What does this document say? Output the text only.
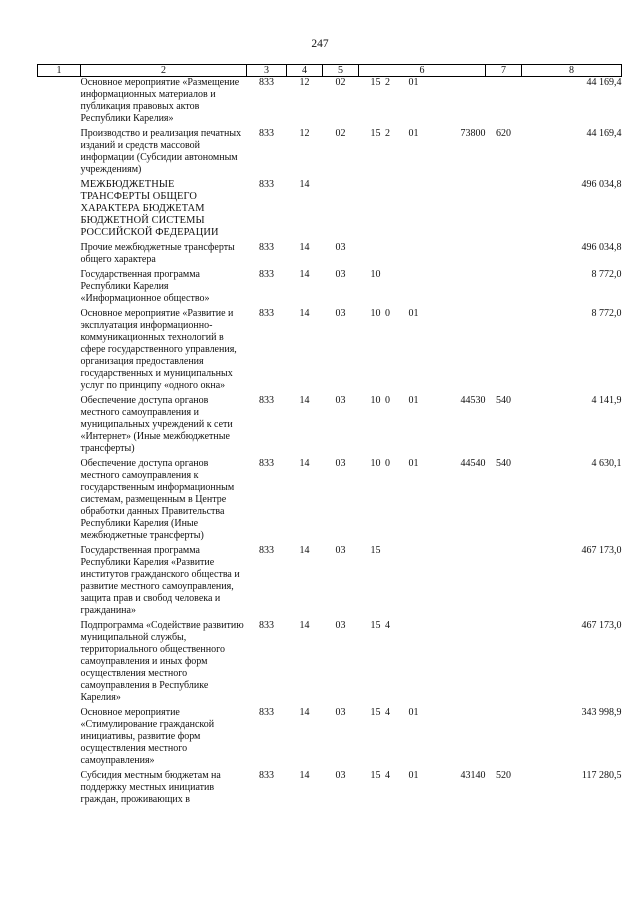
247
1	2	3	4	5	6				7	8
	Основное мероприятие «Размещение информационных материалов и публикация правовых актов Республики Карелия»	833	12	02	15	2	01			44 169,4
	Производство и реализация печатных изданий и средств массовой информации (Субсидии автономным учреждениям)	833	12	02	15	2	01	73800	620	44 169,4
	МЕЖБЮДЖЕТНЫЕ ТРАНСФЕРТЫ ОБЩЕГО ХАРАКТЕРА БЮДЖЕТАМ БЮДЖЕТНОЙ СИСТЕМЫ РОССИЙСКОЙ ФЕДЕРАЦИИ	833	14							496 034,8
	Прочие межбюджетные трансферты общего характера	833	14	03						496 034,8
	Государственная программа Республики Карелия «Информационное общество»	833	14	03	10					8 772,0
	Основное мероприятие «Развитие и эксплуатация информационно-коммуникационных технологий в сфере государственного управления, организация предоставления государственных и муниципальных услуг по принципу «одного окна»	833	14	03	10	0	01			8 772,0
	Обеспечение доступа органов местного самоуправления и муниципальных учреждений к сети «Интернет» (Иные межбюджетные трансферты)	833	14	03	10	0	01	44530	540	4 141,9
	Обеспечение доступа органов местного самоуправления к государственным информационным системам, размещенным в Центре обработки данных Правительства Республики Карелия (Иные межбюджетные трансферты)	833	14	03	10	0	01	44540	540	4 630,1
	Государственная программа Республики Карелия «Развитие институтов гражданского общества и развитие местного самоуправления, защита прав и свобод человека и гражданина»	833	14	03	15					467 173,0
	Подпрограмма «Содействие развитию муниципальной службы, территориального общественного самоуправления и иных форм осуществления местного самоуправления в Республике Карелия»	833	14	03	15	4				467 173,0
	Основное мероприятие «Стимулирование гражданской инициативы, развитие форм осуществления местного самоуправления»	833	14	03	15	4	01			343 998,9
	Субсидия местным бюджетам на поддержку местных инициатив граждан, проживающих в	833	14	03	15	4	01	43140	520	117 280,5
